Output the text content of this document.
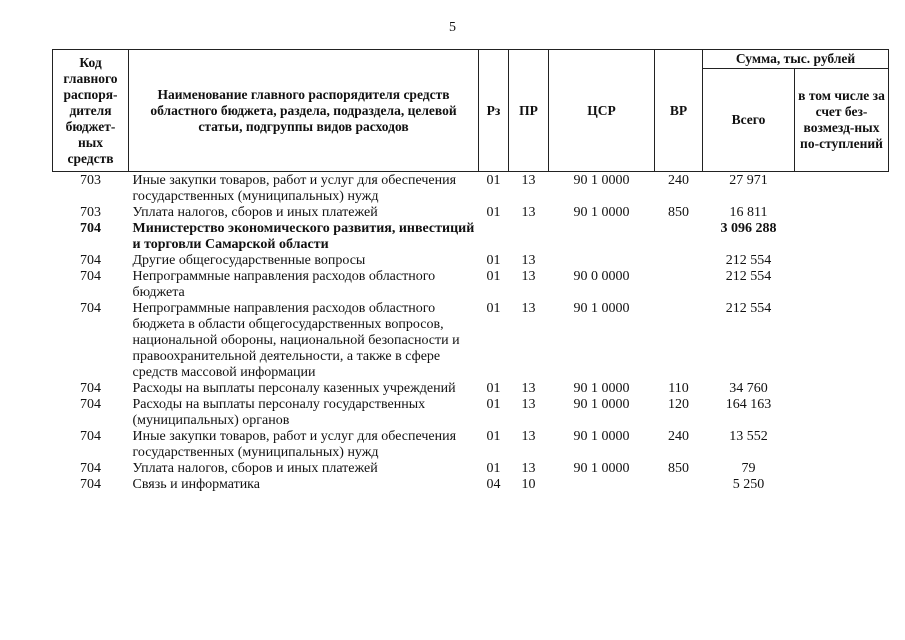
5
Код главного распоря-дителя бюджет-ных средств	Наименование главного распорядителя средств областного бюджета, раздела, подраздела, целевой статьи, подгруппы видов расходов	Рз	ПР	ЦСР	ВР	Сумма, тыс. рублей	
						Всего	в том числе за счет без-возмезд-ных по-ступлений
703	Иные закупки товаров, работ и услуг для обеспечения государственных (муниципальных) нужд	01	13	90 1 0000	240	27 971	
703	Уплата налогов, сборов и иных платежей	01	13	90 1 0000	850	16 811	
704	Министерство экономического развития, инвестиций и торговли Самарской области					3 096 288	
704	Другие общегосударственные вопросы	01	13			212 554	
704	Непрограммные направления расходов областного бюджета	01	13	90 0 0000		212 554	
704	Непрограммные направления расходов областного бюджета в области общегосударственных вопросов, национальной обороны, национальной безопасности и правоохранительной деятельности, а также в сфере средств массовой информации	01	13	90 1 0000		212 554	
704	Расходы на выплаты персоналу казенных учреждений	01	13	90 1 0000	110	34 760	
704	Расходы на выплаты персоналу государственных (муниципальных) органов	01	13	90 1 0000	120	164 163	
704	Иные закупки товаров, работ и услуг для обеспечения государственных (муниципальных) нужд	01	13	90 1 0000	240	13 552	
704	Уплата налогов, сборов и иных платежей	01	13	90 1 0000	850	79	
704	Связь и информатика	04	10			5 250	
